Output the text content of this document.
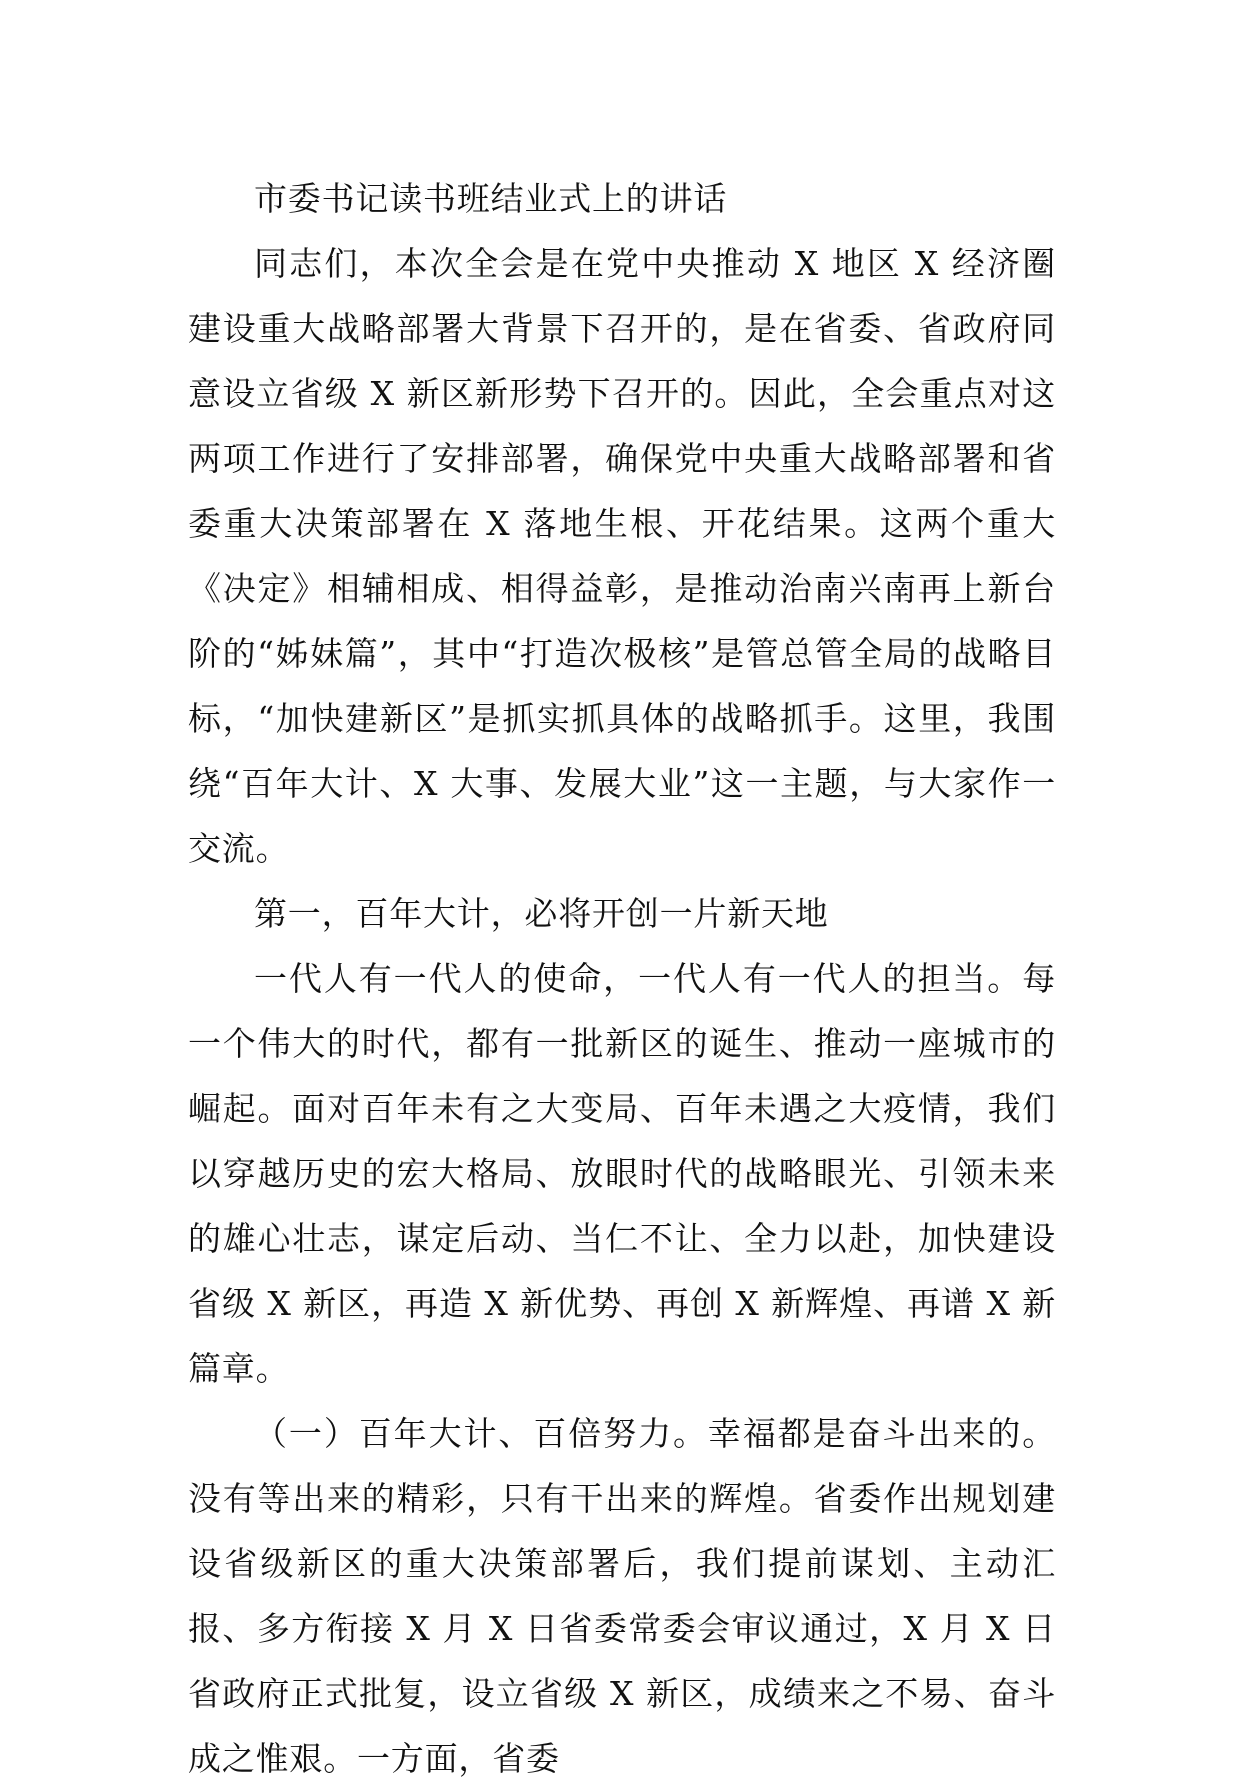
市委书记读书班结业式上的讲话

同志们，本次全会是在党中央推动 X 地区 X 经济圈建设重大战略部署大背景下召开的，是在省委、省政府同意设立省级 X 新区新形势下召开的。因此，全会重点对这两项工作进行了安排部署，确保党中央重大战略部署和省委重大决策部署在 X 落地生根、开花结果。这两个重大《决定》相辅相成、相得益彰，是推动治南兴南再上新台阶的“姊妹篇”，其中“打造次极核”是管总管全局的战略目标，“加快建新区”是抓实抓具体的战略抓手。这里，我围绕“百年大计、X 大事、发展大业”这一主题，与大家作一交流。

第一，百年大计，必将开创一片新天地

一代人有一代人的使命，一代人有一代人的担当。每一个伟大的时代，都有一批新区的诞生、推动一座城市的崛起。面对百年未有之大变局、百年未遇之大疫情，我们以穿越历史的宏大格局、放眼时代的战略眼光、引领未来的雄心壮志，谋定后动、当仁不让、全力以赴，加快建设省级 X 新区，再造 X 新优势、再创 X 新辉煌、再谱 X 新篇章。

（一）百年大计、百倍努力。幸福都是奋斗出来的。没有等出来的精彩，只有干出来的辉煌。省委作出规划建设省级新区的重大决策部署后，我们提前谋划、主动汇报、多方衔接 X 月 X 日省委常委会审议通过，X 月 X 日省政府正式批复，设立省级 X 新区，成绩来之不易、奋斗成之惟艰。一方面，省委
